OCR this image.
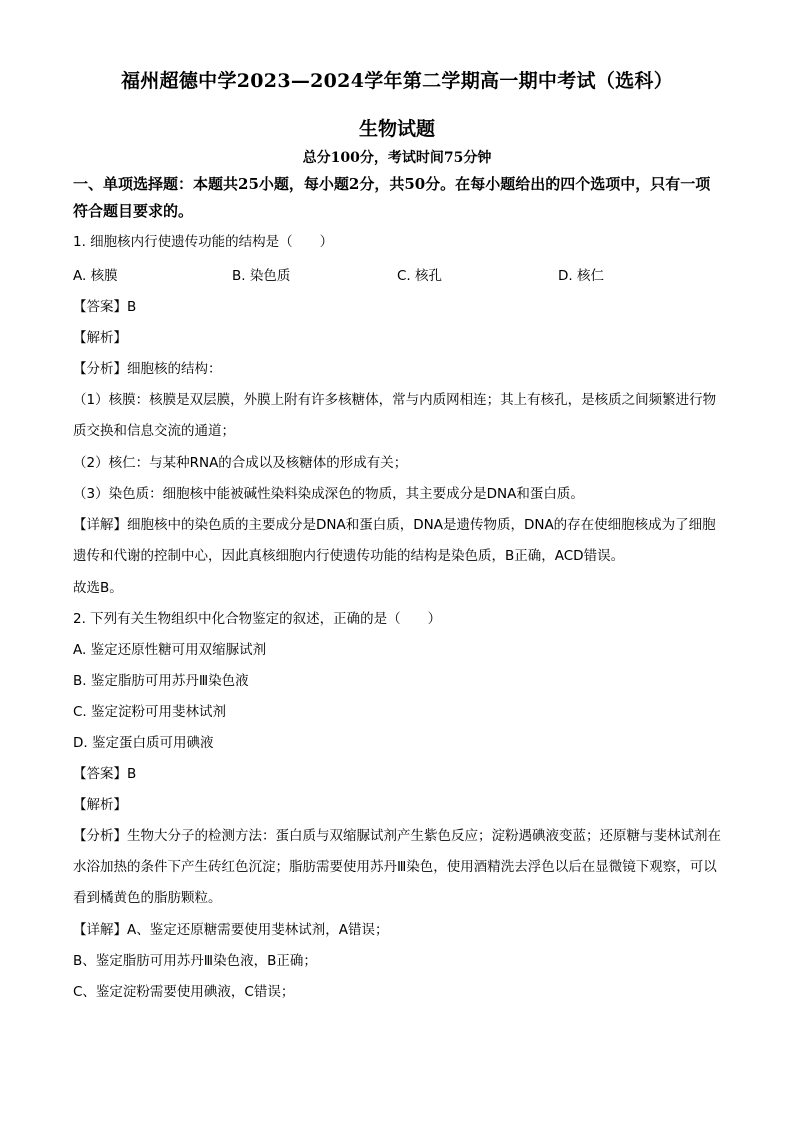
福州超德中学2023—2024学年第二学期高一期中考试（选科）
生物试题
总分100分，考试时间75分钟
一、单项选择题：本题共25小题，每小题2分，共50分。在每小题给出的四个选项中，只有一项符合题目要求的。
1. 细胞核内行使遗传功能的结构是（　　）
A. 核膜	B. 染色质	C. 核孔	D. 核仁
【答案】B
【解析】
【分析】细胞核的结构：
（1）核膜：核膜是双层膜，外膜上附有许多核糖体，常与内质网相连；其上有核孔，是核质之间频繁进行物质交换和信息交流的通道；
（2）核仁：与某种RNA的合成以及核糖体的形成有关；
（3）染色质：细胞核中能被碱性染料染成深色的物质，其主要成分是DNA和蛋白质。
【详解】细胞核中的染色质的主要成分是DNA和蛋白质，DNA是遗传物质，DNA的存在使细胞核成为了细胞遗传和代谢的控制中心，因此真核细胞内行使遗传功能的结构是染色质，B正确，ACD错误。
故选B。
2. 下列有关生物组织中化合物鉴定的叙述，正确的是（　　）
A. 鉴定还原性糖可用双缩脲试剂
B. 鉴定脂肪可用苏丹Ⅲ染色液
C. 鉴定淀粉可用斐林试剂
D. 鉴定蛋白质可用碘液
【答案】B
【解析】
【分析】生物大分子的检测方法：蛋白质与双缩脲试剂产生紫色反应；淀粉遇碘液变蓝；还原糖与斐林试剂在水浴加热的条件下产生砖红色沉淀；脂肪需要使用苏丹Ⅲ染色，使用酒精洗去浮色以后在显微镜下观察，可以看到橘黄色的脂肪颗粒。
【详解】A、鉴定还原糖需要使用斐林试剂，A错误；
B、鉴定脂肪可用苏丹Ⅲ染色液，B正确；
C、鉴定淀粉需要使用碘液，C错误；
